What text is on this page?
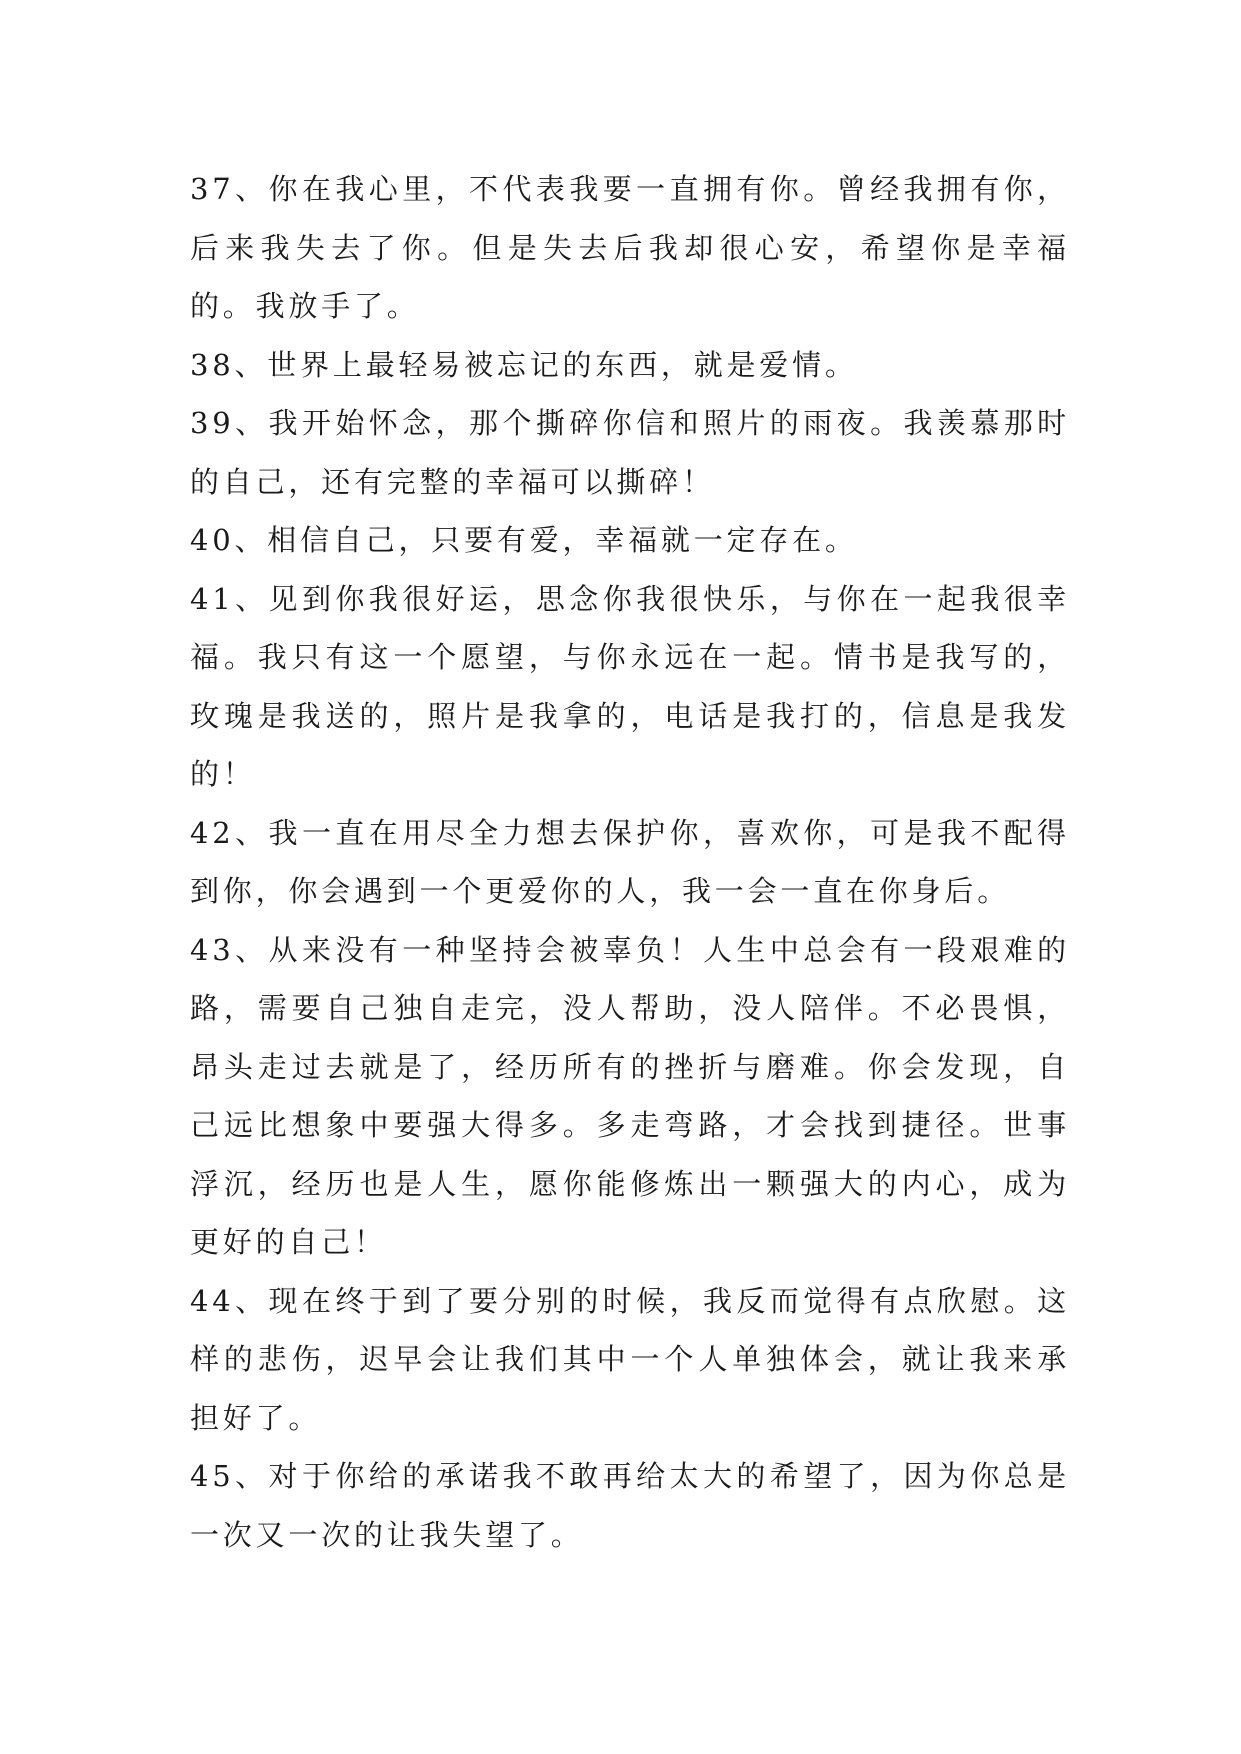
37、你在我心里，不代表我要一直拥有你。曾经我拥有你，后来我失去了你。但是失去后我却很心安，希望你是幸福的。我放手了。

38、世界上最轻易被忘记的东西，就是爱情。

39、我开始怀念，那个撕碎你信和照片的雨夜。我羡慕那时的自己，还有完整的幸福可以撕碎！

40、相信自己，只要有爱，幸福就一定存在。

41、见到你我很好运，思念你我很快乐，与你在一起我很幸福。我只有这一个愿望，与你永远在一起。情书是我写的，玫瑰是我送的，照片是我拿的，电话是我打的，信息是我发的！

42、我一直在用尽全力想去保护你，喜欢你，可是我不配得到你，你会遇到一个更爱你的人，我一会一直在你身后。

43、从来没有一种坚持会被辜负！人生中总会有一段艰难的路，需要自己独自走完，没人帮助，没人陪伴。不必畏惧，昂头走过去就是了，经历所有的挫折与磨难。你会发现，自己远比想象中要强大得多。多走弯路，才会找到捷径。世事浮沉，经历也是人生，愿你能修炼出一颗强大的内心，成为更好的自己！

44、现在终于到了要分别的时候，我反而觉得有点欣慰。这样的悲伤，迟早会让我们其中一个人单独体会，就让我来承担好了。

45、对于你给的承诺我不敢再给太大的希望了，因为你总是一次又一次的让我失望了。
